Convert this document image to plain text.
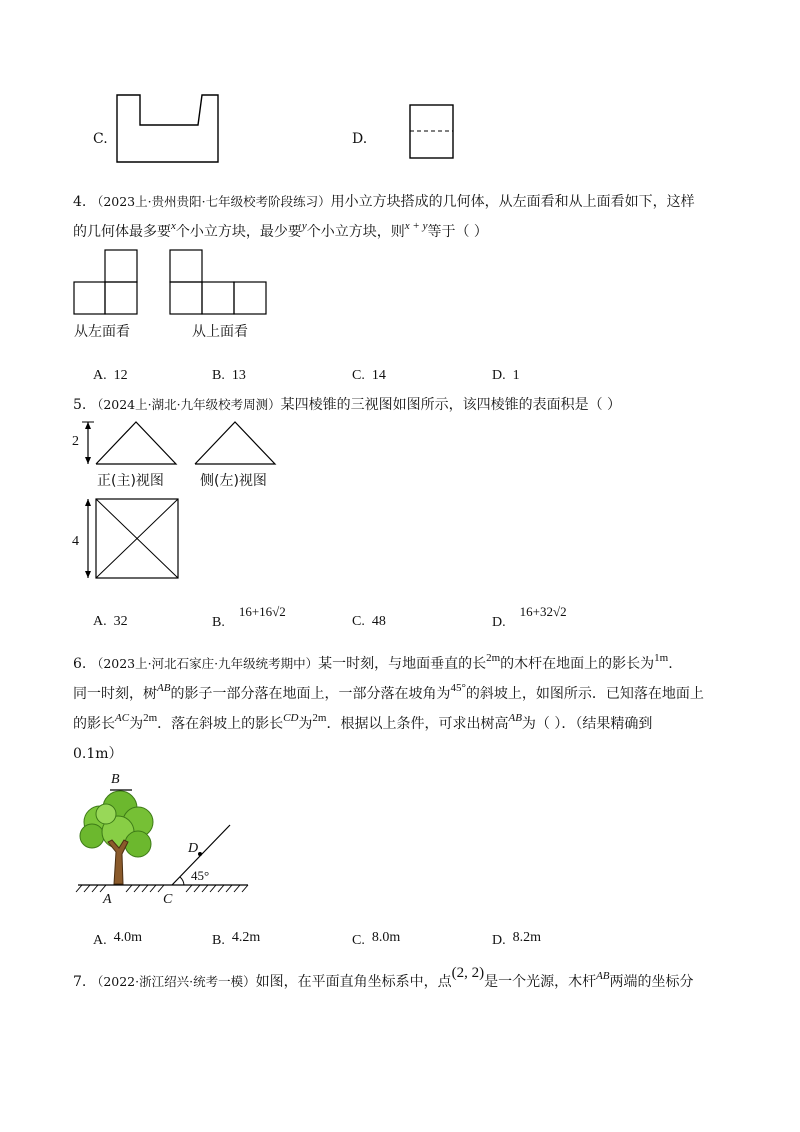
C.	D.
4. （2023上·贵州贵阳·七年级校考阶段练习）用小立方块搭成的几何体，从左面看和从上面看如下，这样
的几何体最多要$^x$个小立方块，最少要$^y$个小立方块，则$^{x + y}$等于（ ）
从左面看	从上面看
A. 12	B. 13	C. 14	D. 1
5. （2024上·湖北·九年级校考周测）某四棱锥的三视图如图所示，该四棱锥的表面积是（ ）
2
正(主)视图	侧(左)视图
4
A. 32	B.    16+16√2
C. 48	D.    16+32√2
6. （2023上·河北石家庄·九年级统考期中）某一时刻，与地面垂直的长$^{2m}$的木杆在地面上的影长为$^{1m}$.
同一时刻，树$^{AB}$的影子一部分落在地面上，一部分落在坡角为$^{45^\circ}$的斜坡上，如图所示．已知落在地面上
的影长$^{AC}$为$^{2m}$．落在斜坡上的影长$^{CD}$为$^{2m}$．根据以上条件，可求出树高$^{AB}$为（ ）．（结果精确到
0.1m）
B
D
45°
A	C
A. 4.0m	B. 4.2m	C. 8.0m	D. 8.2m
7. （2022·浙江绍兴·统考一模）如图，在平面直角坐标系中，点(2, 2)是一个光源，木杆$^{AB}$两端的坐标分
